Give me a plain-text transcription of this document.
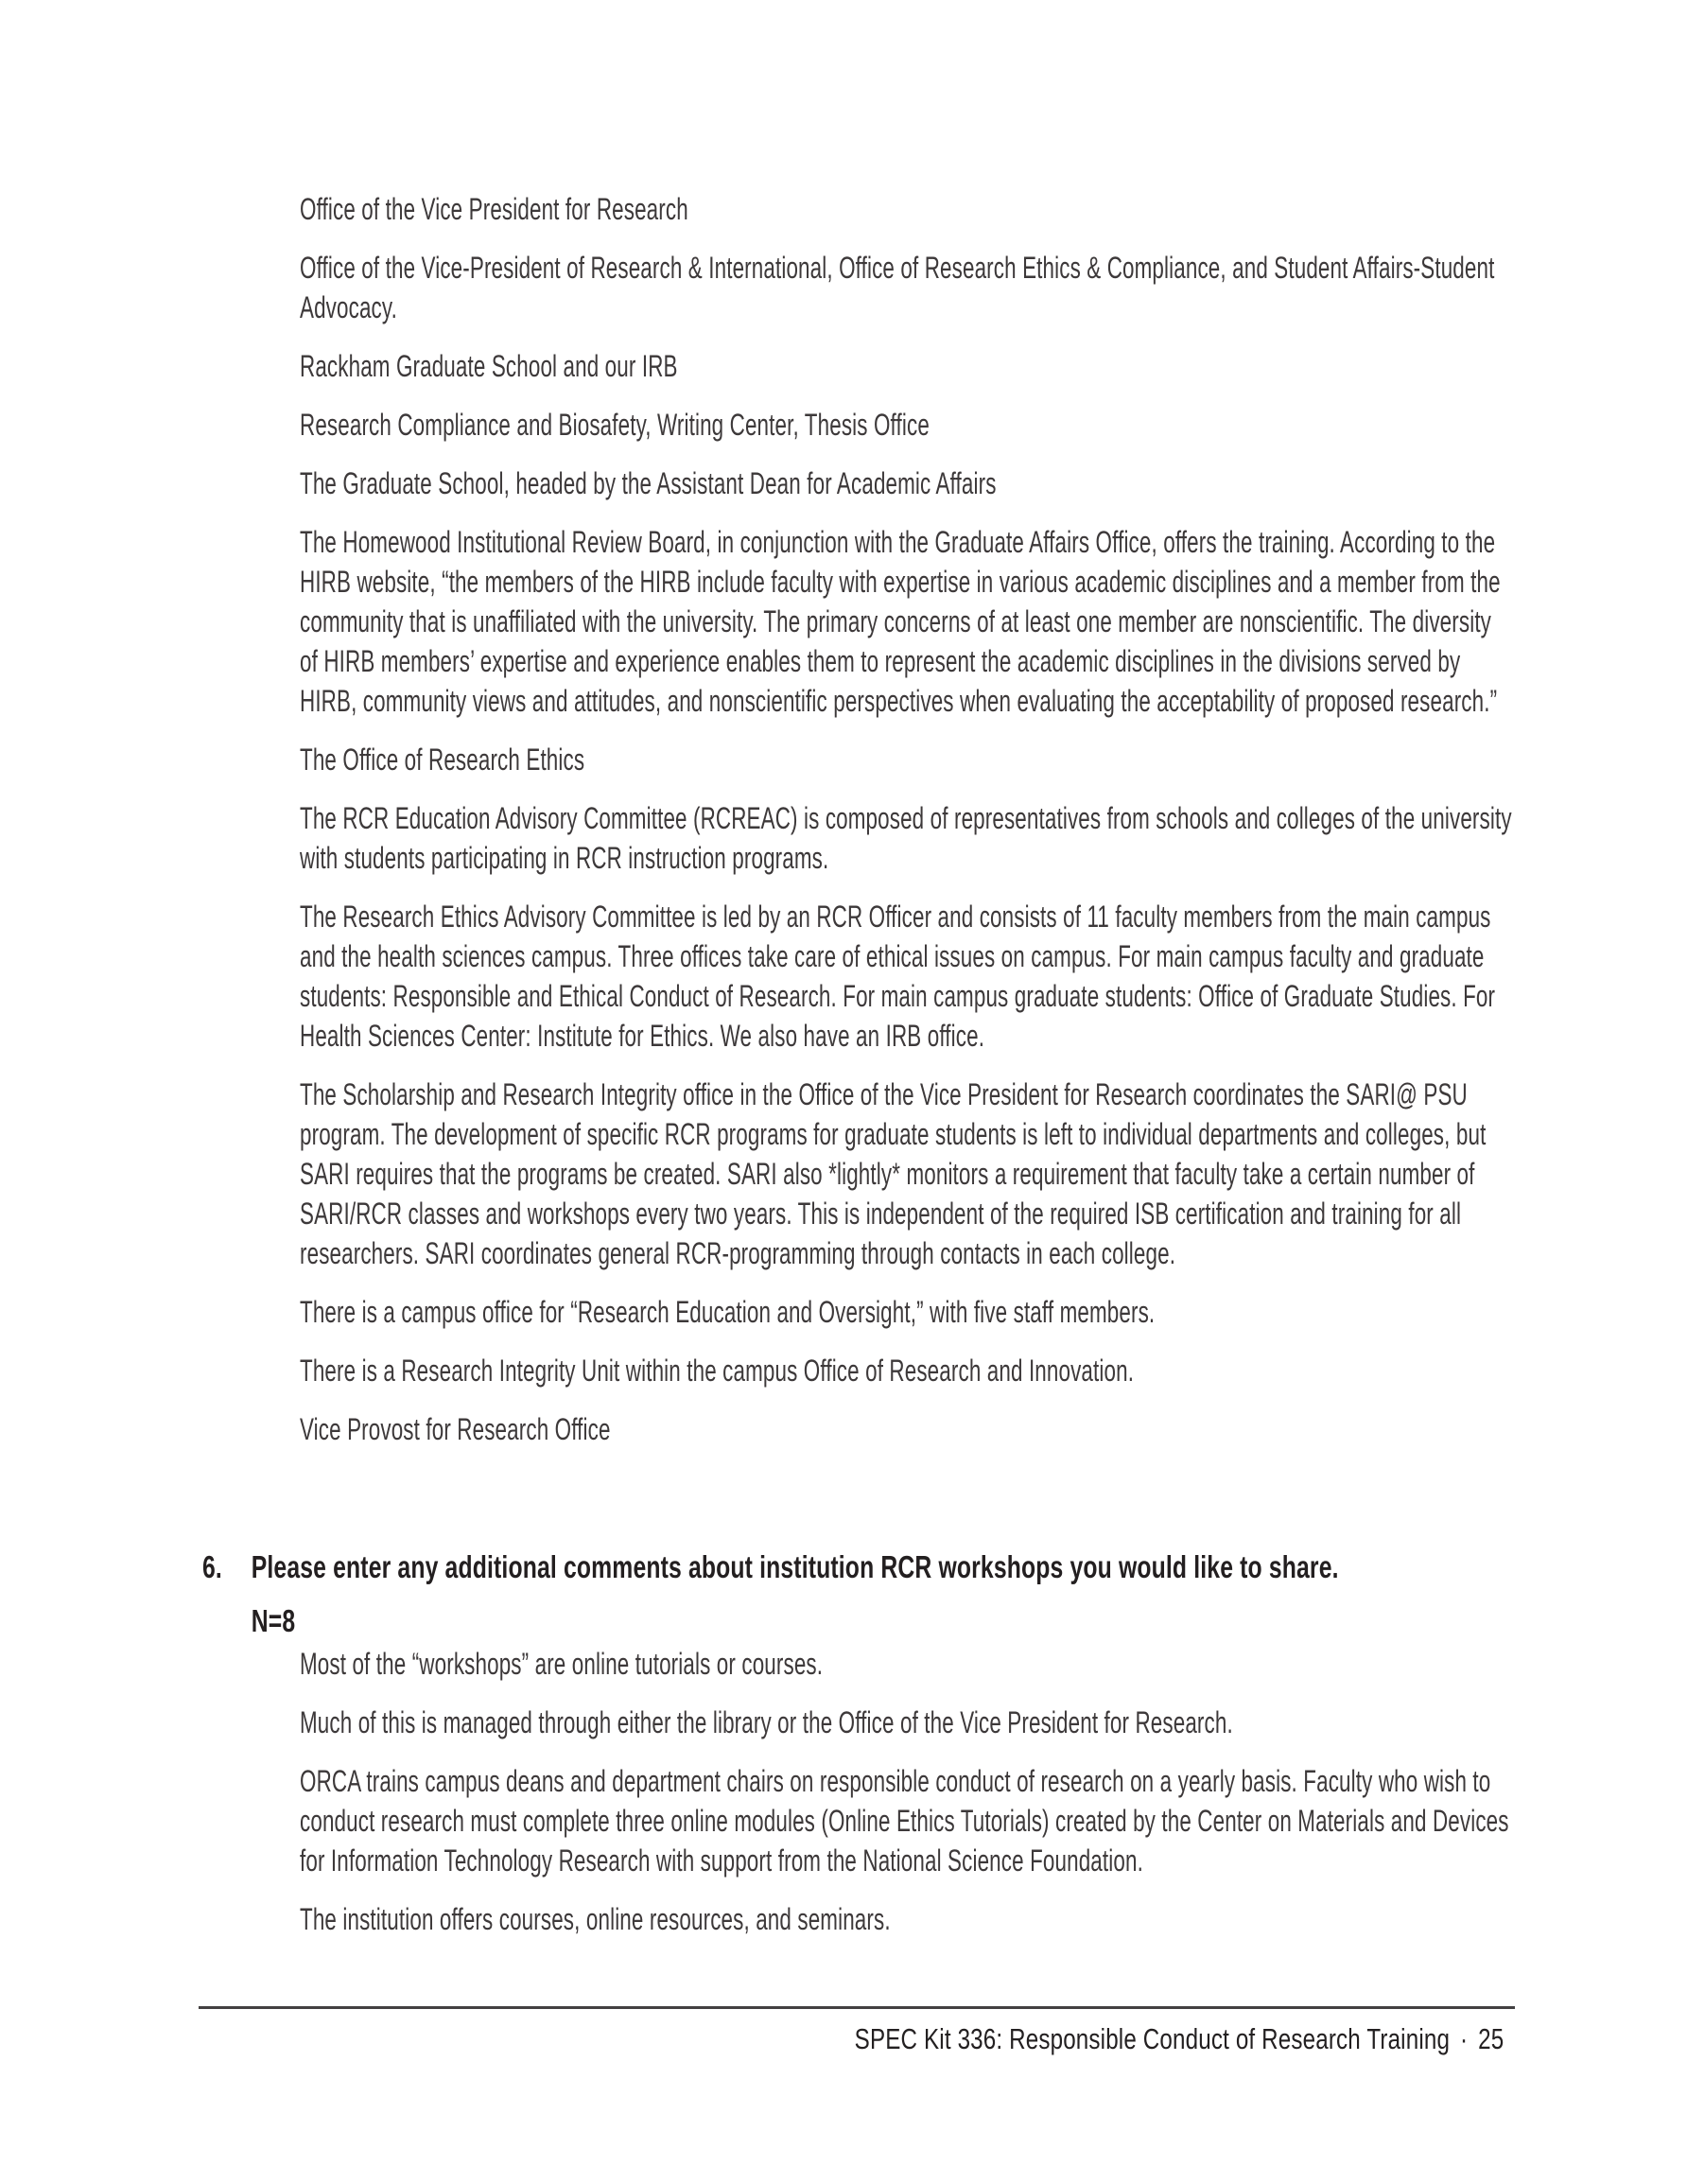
Office of the Vice President for Research

Office of the Vice-President of Research & International, Office of Research Ethics & Compliance, and Student Affairs-Student Advocacy.

Rackham Graduate School and our IRB

Research Compliance and Biosafety, Writing Center, Thesis Office

The Graduate School, headed by the Assistant Dean for Academic Affairs

The Homewood Institutional Review Board, in conjunction with the Graduate Affairs Office, offers the training. According to the HIRB website, “the members of the HIRB include faculty with expertise in various academic disciplines and a member from the community that is unaffiliated with the university. The primary concerns of at least one member are nonscientific. The diversity of HIRB members’ expertise and experience enables them to represent the academic disciplines in the divisions served by HIRB, community views and attitudes, and nonscientific perspectives when evaluating the acceptability of proposed research.”

The Office of Research Ethics

The RCR Education Advisory Committee (RCREAC) is composed of representatives from schools and colleges of the university with students participating in RCR instruction programs.

The Research Ethics Advisory Committee is led by an RCR Officer and consists of 11 faculty members from the main campus and the health sciences campus. Three offices take care of ethical issues on campus. For main campus faculty and graduate students: Responsible and Ethical Conduct of Research. For main campus graduate students: Office of Graduate Studies. For Health Sciences Center: Institute for Ethics. We also have an IRB office.

The Scholarship and Research Integrity office in the Office of the Vice President for Research coordinates the SARI@ PSU program. The development of specific RCR programs for graduate students is left to individual departments and colleges, but SARI requires that the programs be created. SARI also *lightly* monitors a requirement that faculty take a certain number of SARI/RCR classes and workshops every two years. This is independent of the required ISB certification and training for all researchers. SARI coordinates general RCR-programming through contacts in each college.

There is a campus office for “Research Education and Oversight,” with five staff members.

There is a Research Integrity Unit within the campus Office of Research and Innovation.

Vice Provost for Research Office

6. Please enter any additional comments about institution RCR workshops you would like to share.
N=8

Most of the “workshops” are online tutorials or courses.

Much of this is managed through either the library or the Office of the Vice President for Research.

ORCA trains campus deans and department chairs on responsible conduct of research on a yearly basis. Faculty who wish to conduct research must complete three online modules (Online Ethics Tutorials) created by the Center on Materials and Devices for Information Technology Research with support from the National Science Foundation.

The institution offers courses, online resources, and seminars.

SPEC Kit 336: Responsible Conduct of Research Training · 25
